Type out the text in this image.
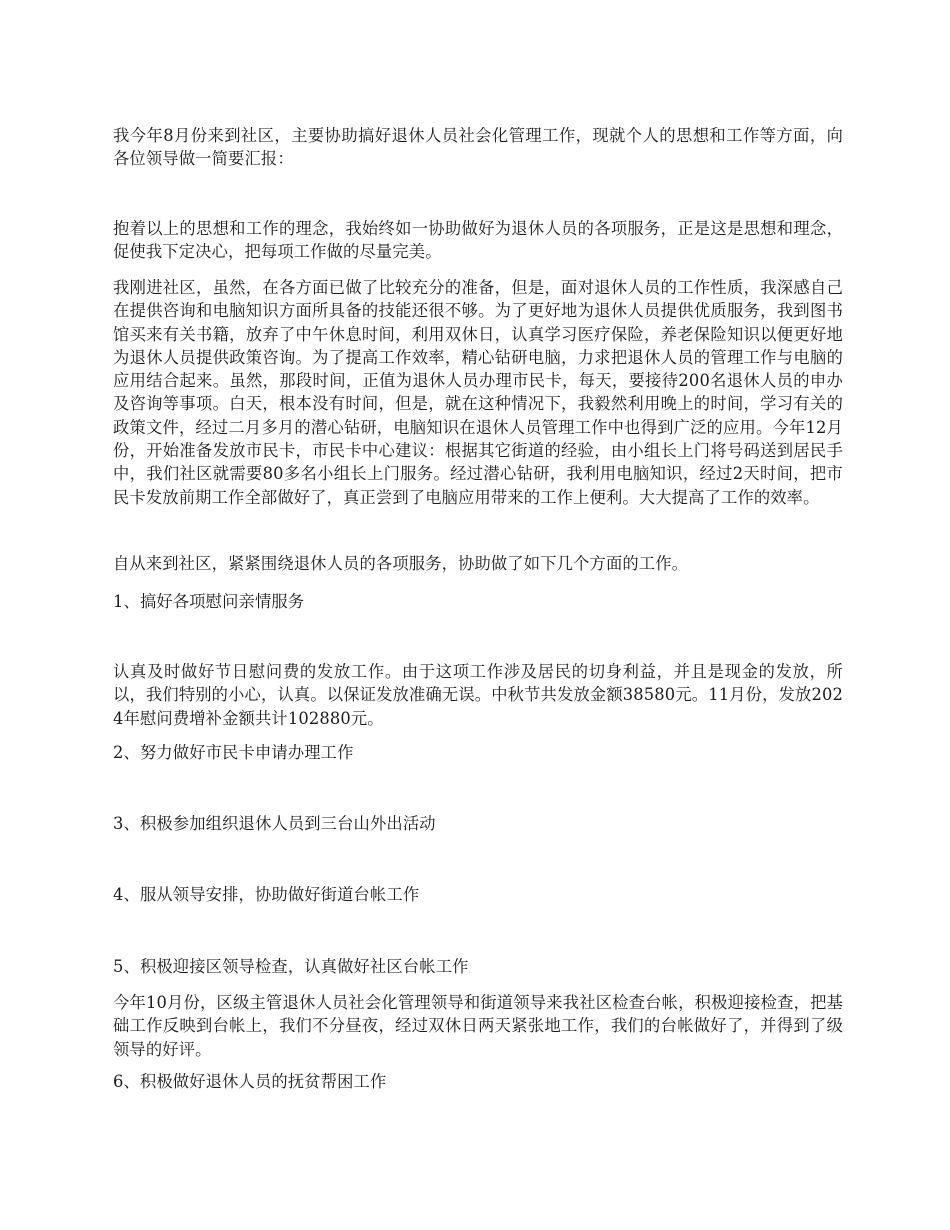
我今年8月份来到社区，主要协助搞好退休人员社会化管理工作，现就个人的思想和工作等方面，向各位领导做一简要汇报：

抱着以上的思想和工作的理念，我始终如一协助做好为退休人员的各项服务，正是这是思想和理念，促使我下定决心，把每项工作做的尽量完美。

我刚进社区，虽然，在各方面已做了比较充分的准备，但是，面对退休人员的工作性质，我深感自己在提供咨询和电脑知识方面所具备的技能还很不够。为了更好地为退休人员提供优质服务，我到图书馆买来有关书籍，放弃了中午休息时间，利用双休日，认真学习医疗保险，养老保险知识以便更好地为退休人员提供政策咨询。为了提高工作效率，精心钻研电脑，力求把退休人员的管理工作与电脑的应用结合起来。虽然，那段时间，正值为退休人员办理市民卡，每天，要接待200名退休人员的申办及咨询等事项。白天，根本没有时间，但是，就在这种情况下，我毅然利用晚上的时间，学习有关的政策文件，经过二月多月的潜心钻研，电脑知识在退休人员管理工作中也得到广泛的应用。今年12月份，开始准备发放市民卡，市民卡中心建议：根据其它街道的经验，由小组长上门将号码送到居民手中，我们社区就需要80多名小组长上门服务。经过潜心钻研，我利用电脑知识，经过2天时间，把市民卡发放前期工作全部做好了，真正尝到了电脑应用带来的工作上便利。大大提高了工作的效率。

自从来到社区，紧紧围绕退休人员的各项服务，协助做了如下几个方面的工作。

1、搞好各项慰问亲情服务

认真及时做好节日慰问费的发放工作。由于这项工作涉及居民的切身利益，并且是现金的发放，所以，我们特别的小心，认真。以保证发放准确无误。中秋节共发放金额38580元。11月份，发放2024年慰问费增补金额共计102880元。

2、努力做好市民卡申请办理工作

3、积极参加组织退休人员到三台山外出活动

4、服从领导安排，协助做好街道台帐工作

5、积极迎接区领导检查，认真做好社区台帐工作

今年10月份，区级主管退休人员社会化管理领导和街道领导来我社区检查台帐，积极迎接检查，把基础工作反映到台帐上，我们不分昼夜，经过双休日两天紧张地工作，我们的台帐做好了，并得到了级领导的好评。

6、积极做好退休人员的抚贫帮困工作
